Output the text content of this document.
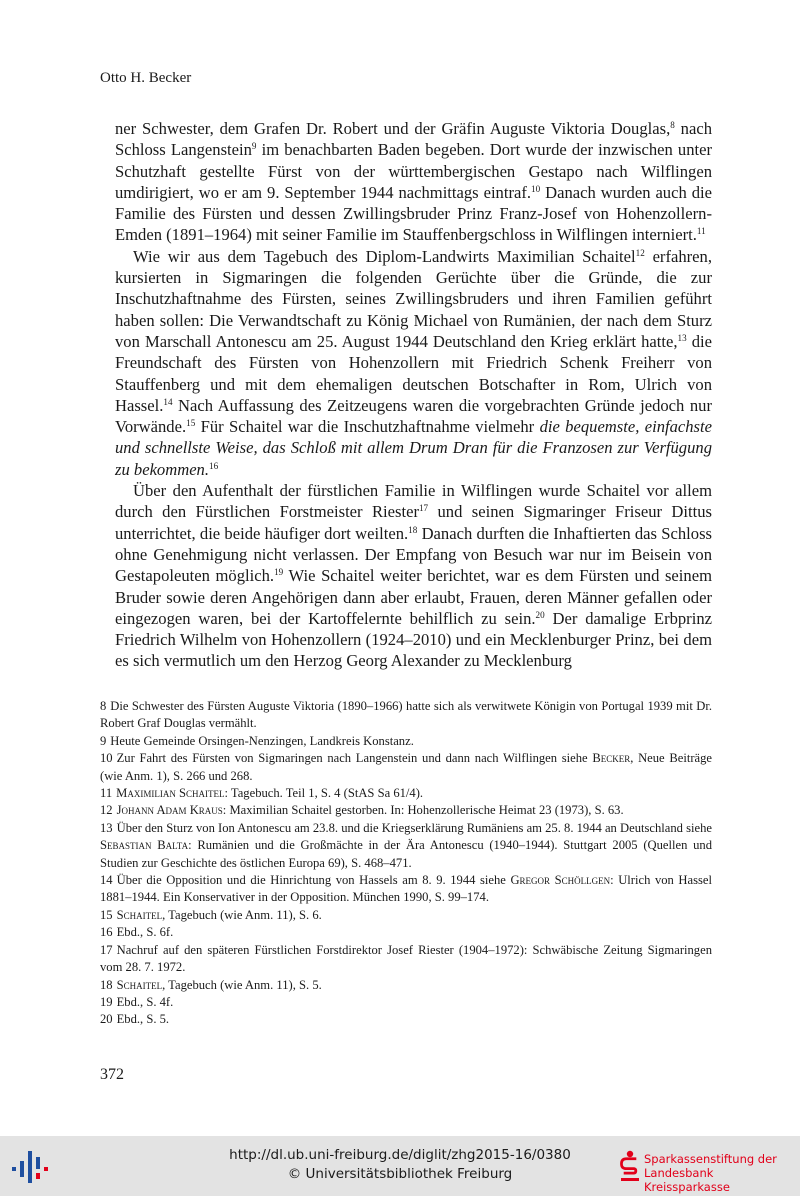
Otto H. Becker

ner Schwester, dem Grafen Dr. Robert und der Gräfin Auguste Viktoria Douglas,$^8$ nach Schloss Langenstein$^9$ im benachbarten Baden begeben. Dort wurde der inzwischen unter Schutzhaft gestellte Fürst von der württembergischen Gestapo nach Wilflingen umdirigiert, wo er am 9. September 1944 nachmittags eintraf.$^{10}$ Danach wurden auch die Familie des Fürsten und dessen Zwillingsbruder Prinz Franz-Josef von Hohenzollern-Emden (1891–1964) mit seiner Familie im Stauffenbergschloss in Wilflingen interniert.$^{11}$

Wie wir aus dem Tagebuch des Diplom-Landwirts Maximilian Schaitel$^{12}$ erfahren, kursierten in Sigmaringen die folgenden Gerüchte über die Gründe, die zur Inschutzhaftnahme des Fürsten, seines Zwillingsbruders und ihren Familien geführt haben sollen: Die Verwandtschaft zu König Michael von Rumänien, der nach dem Sturz von Marschall Antonescu am 25. August 1944 Deutschland den Krieg erklärt hatte,$^{13}$ die Freundschaft des Fürsten von Hohenzollern mit Friedrich Schenk Freiherr von Stauffenberg und mit dem ehemaligen deutschen Botschafter in Rom, Ulrich von Hassel.$^{14}$ Nach Auffassung des Zeitzeugens waren die vorgebrachten Gründe jedoch nur Vorwände.$^{15}$ Für Schaitel war die Inschutzhaftnahme vielmehr die bequemste, einfachste und schnellste Weise, das Schloß mit allem Drum Dran für die Franzosen zur Verfügung zu bekommen.$^{16}$

Über den Aufenthalt der fürstlichen Familie in Wilflingen wurde Schaitel vor allem durch den Fürstlichen Forstmeister Riester$^{17}$ und seinen Sigmaringer Friseur Dittus unterrichtet, die beide häufiger dort weilten.$^{18}$ Danach durften die Inhaftierten das Schloss ohne Genehmigung nicht verlassen. Der Empfang von Besuch war nur im Beisein von Gestapoleuten möglich.$^{19}$ Wie Schaitel weiter berichtet, war es dem Fürsten und seinem Bruder sowie deren Angehörigen dann aber erlaubt, Frauen, deren Männer gefallen oder eingezogen waren, bei der Kartoffelernte behilflich zu sein.$^{20}$ Der damalige Erbprinz Friedrich Wilhelm von Hohenzollern (1924–2010) und ein Mecklenburger Prinz, bei dem es sich vermutlich um den Herzog Georg Alexander zu Mecklenburg

8 Die Schwester des Fürsten Auguste Viktoria (1890–1966) hatte sich als verwitwete Königin von Portugal 1939 mit Dr. Robert Graf Douglas vermählt.

9 Heute Gemeinde Orsingen-Nenzingen, Landkreis Konstanz.

10 Zur Fahrt des Fürsten von Sigmaringen nach Langenstein und dann nach Wilflingen siehe Becker, Neue Beiträge (wie Anm. 1), S. 266 und 268.

11 Maximilian Schaitel: Tagebuch. Teil 1, S. 4 (StAS Sa 61/4).

12 Johann Adam Kraus: Maximilian Schaitel gestorben. In: Hohenzollerische Heimat 23 (1973), S. 63.

13 Über den Sturz von Ion Antonescu am 23.8. und die Kriegserklärung Rumäniens am 25. 8. 1944 an Deutschland siehe Sebastian Balta: Rumänien und die Großmächte in der Ära Antonescu (1940–1944). Stuttgart 2005 (Quellen und Studien zur Geschichte des östlichen Europa 69), S. 468–471.

14 Über die Opposition und die Hinrichtung von Hassels am 8. 9. 1944 siehe Gregor Schöllgen: Ulrich von Hassel 1881–1944. Ein Konservativer in der Opposition. München 1990, S. 99–174.

15 Schaitel, Tagebuch (wie Anm. 11), S. 6.

16 Ebd., S. 6f.

17 Nachruf auf den späteren Fürstlichen Forstdirektor Josef Riester (1904–1972): Schwäbische Zeitung Sigmaringen vom 28. 7. 1972.

18 Schaitel, Tagebuch (wie Anm. 11), S. 5.

19 Ebd., S. 4f.

20 Ebd., S. 5.

372
http://dl.ub.uni-freiburg.de/diglit/zhg2015-16/0380
© Universitätsbibliothek Freiburg
Sparkassenstiftung der
Landesbank Kreissparkasse
